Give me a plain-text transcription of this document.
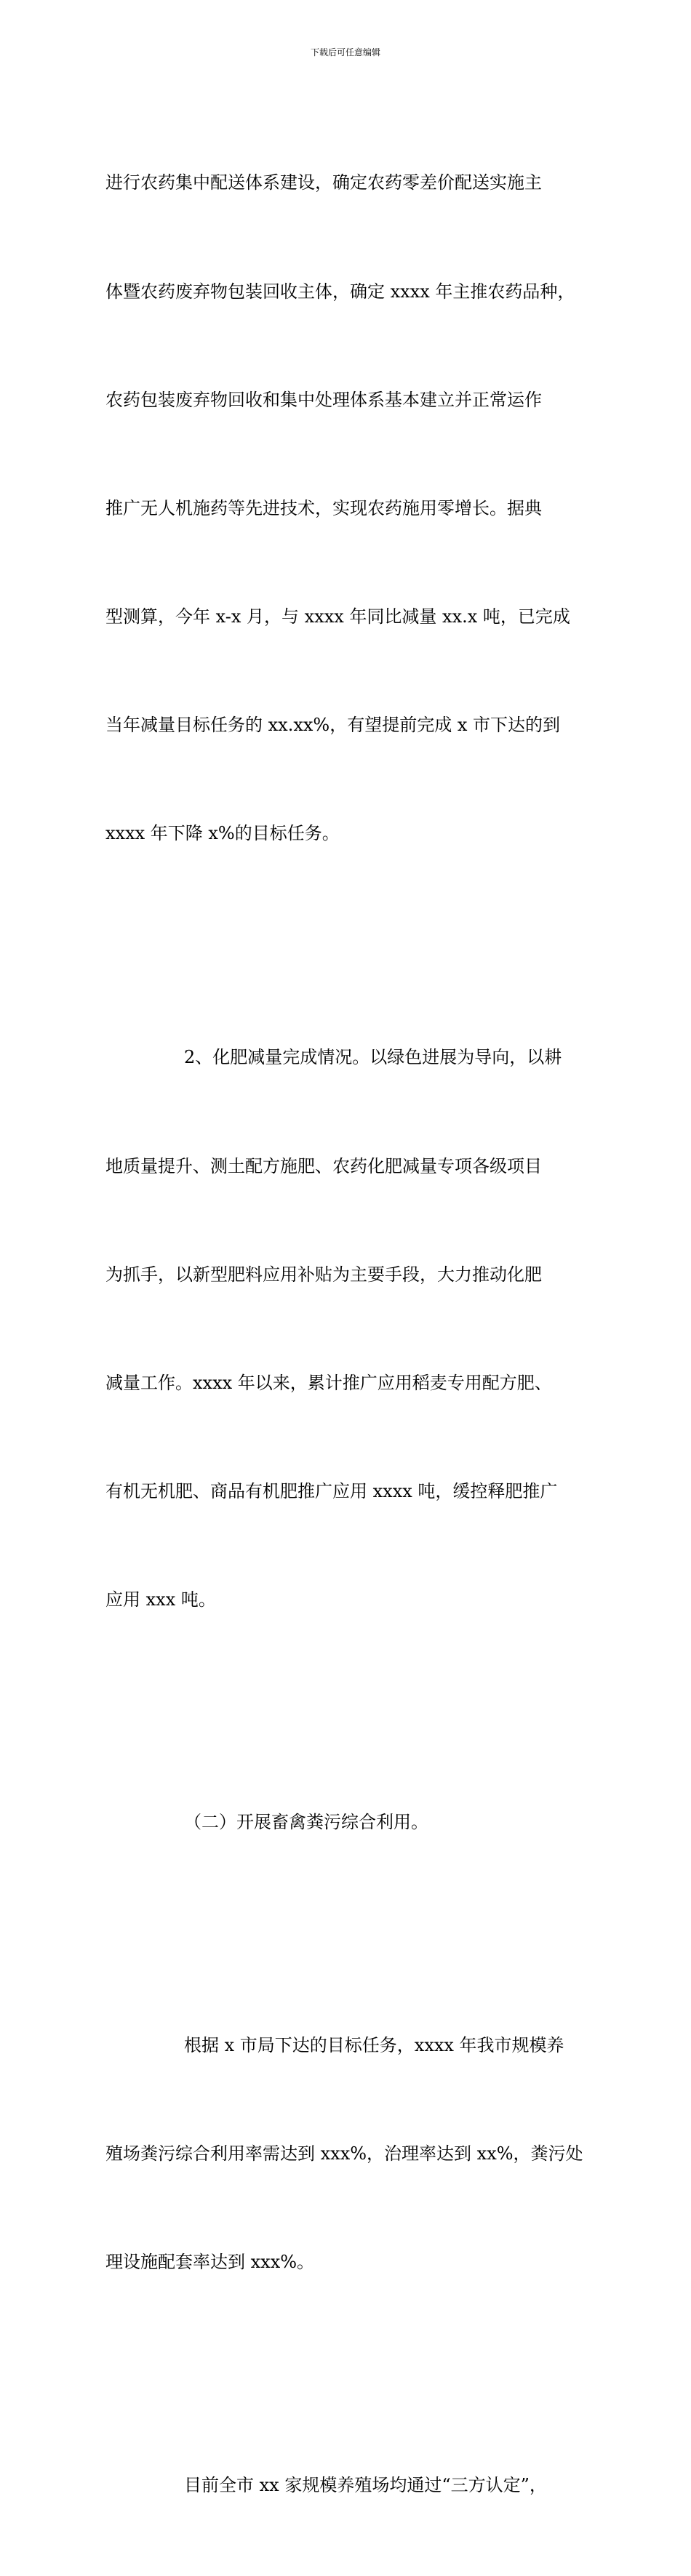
下载后可任意编辑

进行农药集中配送体系建设，确定农药零差价配送实施主

体暨农药废弃物包装回收主体，确定 xxxx 年主推农药品种，

农药包装废弃物回收和集中处理体系基本建立并正常运作

推广无人机施药等先进技术，实现农药施用零增长。据典

型测算，今年 x-x 月，与 xxxx 年同比减量 xx.x 吨，已完成

当年减量目标任务的 xx.xx%，有望提前完成 x 市下达的到

xxxx 年下降 x%的目标任务。

2、化肥减量完成情况。以绿色进展为导向，以耕

地质量提升、测土配方施肥、农药化肥减量专项各级项目

为抓手，以新型肥料应用补贴为主要手段，大力推动化肥

减量工作。xxxx 年以来，累计推广应用稻麦专用配方肥、

有机无机肥、商品有机肥推广应用 xxxx 吨，缓控释肥推广

应用 xxx 吨。

（二）开展畜禽粪污综合利用。

根据 x 市局下达的目标任务，xxxx 年我市规模养

殖场粪污综合利用率需达到 xxx%，治理率达到 xx%，粪污处

理设施配套率达到 xxx%。

目前全市 xx 家规模养殖场均通过“三方认定”，
